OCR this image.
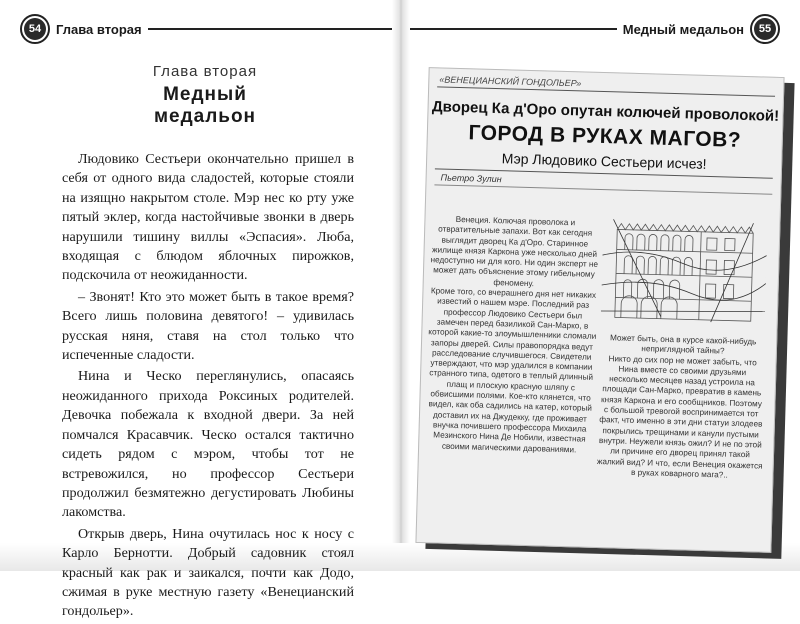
54	Глава вторая	Медный медальон	55
Глава вторая
Медный медальон

Людовико Сестьери окончательно пришел в себя от одного вида сладостей, которые стояли на изящно накрытом столе. Мэр нес ко рту уже пятый эклер, когда настойчивые звонки в дверь нарушили тишину виллы «Эспасия». Люба, входящая с блюдом яблочных пирожков, подскочила от неожиданности.

– Звонят! Кто это может быть в такое время? Всего лишь половина девятого! – удивилась русская няня, ставя на стол только что испеченные сладости.

Нина и Ческо переглянулись, опасаясь неожиданного прихода Роксиных родителей. Девочка побежала к входной двери. За ней помчался Красавчик. Ческо остался тактично сидеть рядом с мэром, чтобы тот не встревожился, но профессор Сестьери продолжил безмятежно дегустировать Любины лакомства.

Открыв дверь, Нина очутилась нос к носу с Карло Бернотти. Добрый садовник стоял красный как рак и заикался, почти как Додо, сжимая в руке местную газету «Венецианский гондольер».

«ВЕНЕЦИАНСКИЙ ГОНДОЛЬЕР»
Дворец Ка д'Оро опутан колючей проволокой!
ГОРОД В РУКАХ МАГОВ?
Мэр Людовико Сестьери исчез!
Пьетро Зулин

Венеция. Колючая проволока и отвратительные запахи. Вот как сегодня выглядит дворец Ка д'Оро. Старинное жилище князя Каркона уже несколько дней недоступно ни для кого. Ни один эксперт не может дать объяснение этому гибельному феномену.

Кроме того, со вчерашнего дня нет никаких известий о нашем мэре. Последний раз профессор Людовико Сестьери был замечен перед базиликой Сан-Марко, в которой какие-то злоумышленники сломали запоры дверей. Силы правопорядка ведут расследование случившегося. Свидетели утверждают, что мэр удалился в компании странного типа, одетого в теплый длинный плащ и плоскую красную шляпу с обвисшими полями. Кое-кто клянется, что видел, как оба садились на катер, который доставил их на Джудекку, где проживает внучка почившего профессора Михаила Мезинского Нина Де Нобили, известная своими магическими дарованиями.

Может быть, она в курсе какой-нибудь неприглядной тайны?

Никто до сих пор не может забыть, что Нина вместе со своими друзьями несколько месяцев назад устроила на площади Сан-Марко, превратив в камень князя Каркона и его сообщников. Поэтому с большой тревогой воспринимается тот факт, что именно в эти дни статуи злодеев покрылись трещинами и канули пустыми внутри. Неужели князь ожил? И не по этой ли причине его дворец принял такой жалкий вид? И что, если Венеция окажется в руках коварного мага?..
